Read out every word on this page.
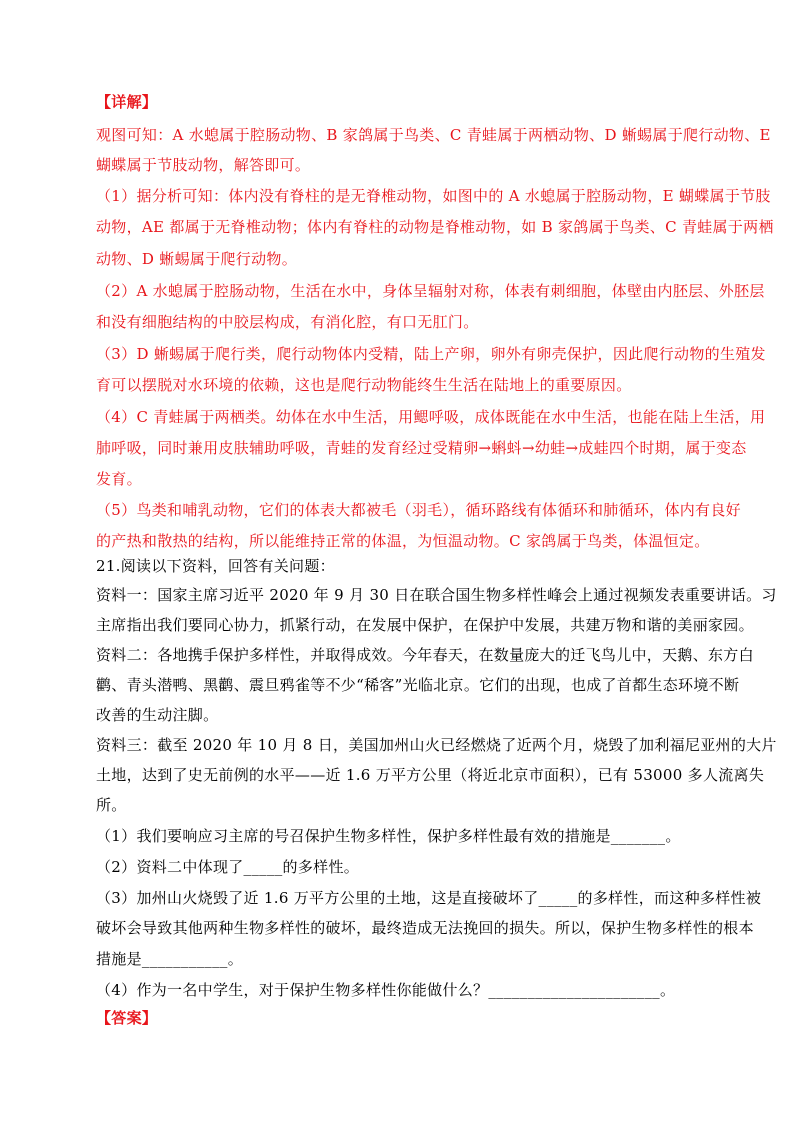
【详解】
观图可知：A 水螅属于腔肠动物、B 家鸽属于鸟类、C 青蛙属于两栖动物、D 蜥蜴属于爬行动物、E
蝴蝶属于节肢动物，解答即可。
（1）据分析可知：体内没有脊柱的是无脊椎动物，如图中的 A 水螅属于腔肠动物，E 蝴蝶属于节肢
动物，AE 都属于无脊椎动物；体内有脊柱的动物是脊椎动物，如 B 家鸽属于鸟类、C 青蛙属于两栖
动物、D 蜥蜴属于爬行动物。
（2）A 水螅属于腔肠动物，生活在水中，身体呈辐射对称，体表有刺细胞，体壁由内胚层、外胚层
和没有细胞结构的中胶层构成，有消化腔，有口无肛门。
（3）D 蜥蜴属于爬行类，爬行动物体内受精，陆上产卵，卵外有卵壳保护，因此爬行动物的生殖发
育可以摆脱对水环境的依赖，这也是爬行动物能终生生活在陆地上的重要原因。
（4）C 青蛙属于两栖类。幼体在水中生活，用鳃呼吸，成体既能在水中生活，也能在陆上生活，用
肺呼吸，同时兼用皮肤辅助呼吸，青蛙的发育经过受精卵→蝌蚪→幼蛙→成蛙四个时期，属于变态
发育。
（5）鸟类和哺乳动物，它们的体表大都被毛（羽毛），循环路线有体循环和肺循环，体内有良好
的产热和散热的结构，所以能维持正常的体温，为恒温动物。C 家鸽属于鸟类，体温恒定。
21.阅读以下资料，回答有关问题：
资料一：国家主席习近平 2020 年 9 月 30 日在联合国生物多样性峰会上通过视频发表重要讲话。习
主席指出我们要同心协力，抓紧行动，在发展中保护，在保护中发展，共建万物和谐的美丽家园。
资料二：各地携手保护多样性，并取得成效。今年春天，在数量庞大的迁飞鸟儿中，天鹅、东方白
鹳、青头潜鸭、黑鹳、震旦鸦雀等不少“稀客”光临北京。它们的出现，也成了首都生态环境不断
改善的生动注脚。
资料三：截至 2020 年 10 月 8 日，美国加州山火已经燃烧了近两个月，烧毁了加利福尼亚州的大片
土地，达到了史无前例的水平——近 1.6 万平方公里（将近北京市面积），已有 53000 多人流离失
所。
（1）我们要响应习主席的号召保护生物多样性，保护多样性最有效的措施是_______。
（2）资料二中体现了_____的多样性。
（3）加州山火烧毁了近 1.6 万平方公里的土地，这是直接破坏了_____的多样性，而这种多样性被
破坏会导致其他两种生物多样性的破坏，最终造成无法挽回的损失。所以，保护生物多样性的根本
措施是___________。
（4）作为一名中学生，对于保护生物多样性你能做什么？______________________。
【答案】
